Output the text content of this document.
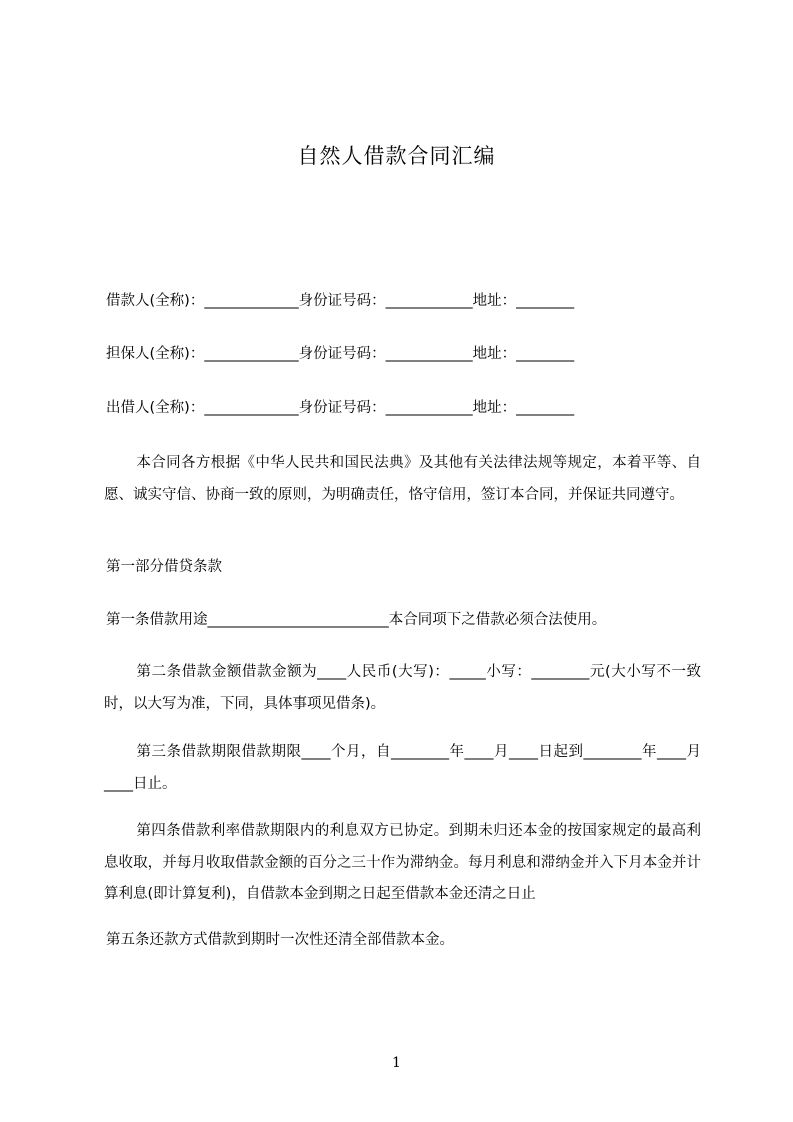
自然人借款合同汇编
借款人(全称)：_____________身份证号码：____________地址：________
担保人(全称)：_____________身份证号码：____________地址：________
出借人(全称)：_____________身份证号码：____________地址：________
本合同各方根据《中华人民共和国民法典》及其他有关法律法规等规定，本着平等、自愿、诚实守信、协商一致的原则，为明确责任，恪守信用，签订本合同，并保证共同遵守。
第一部分借贷条款
第一条借款用途_________________________本合同项下之借款必须合法使用。
第二条借款金额借款金额为____人民币(大写)：_____小写：________元(大小写不一致时，以大写为准，下同，具体事项见借条)。
第三条借款期限借款期限____个月，自________年____月____日起到________年____月____日止。
第四条借款利率借款期限内的利息双方已协定。到期未归还本金的按国家规定的最高利息收取，并每月收取借款金额的百分之三十作为滞纳金。每月利息和滞纳金并入下月本金并计算利息(即计算复利)，自借款本金到期之日起至借款本金还清之日止
第五条还款方式借款到期时一次性还清全部借款本金。
1
